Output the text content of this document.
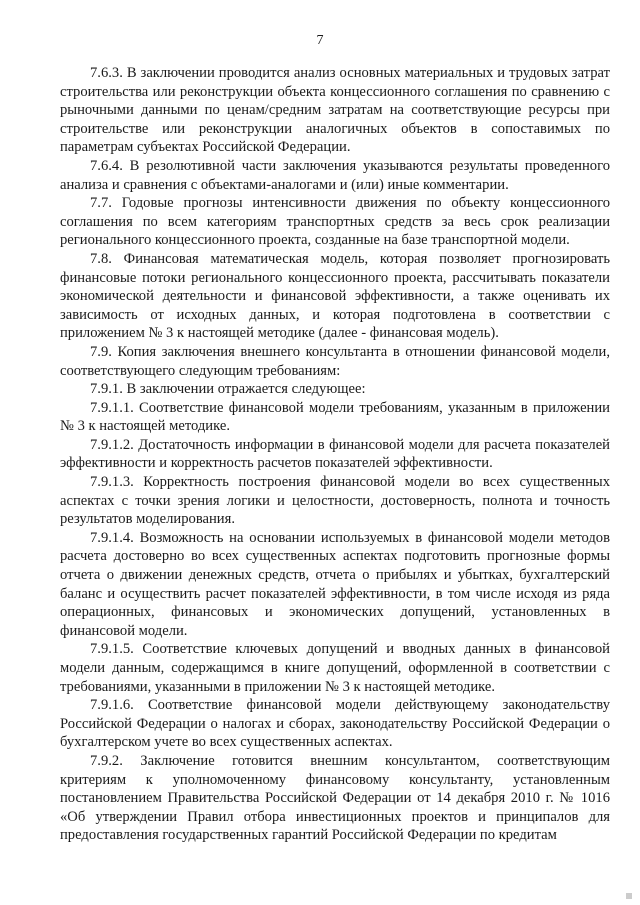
7

7.6.3. В заключении проводится анализ основных материальных и трудовых затрат строительства или реконструкции объекта концессионного соглашения по сравнению с рыночными данными по ценам/средним затратам на соответствующие ресурсы при строительстве или реконструкции аналогичных объектов в сопоставимых по параметрам субъектах Российской Федерации.

7.6.4. В резолютивной части заключения указываются результаты проведенного анализа и сравнения с объектами-аналогами и (или) иные комментарии.

7.7. Годовые прогнозы интенсивности движения по объекту концессионного соглашения по всем категориям транспортных средств за весь срок реализации регионального концессионного проекта, созданные на базе транспортной модели.

7.8. Финансовая математическая модель, которая позволяет прогнозировать финансовые потоки регионального концессионного проекта, рассчитывать показатели экономической деятельности и финансовой эффективности, а также оценивать их зависимость от исходных данных, и которая подготовлена в соответствии с приложением № 3 к настоящей методике (далее - финансовая модель).

7.9. Копия заключения внешнего консультанта в отношении финансовой модели, соответствующего следующим требованиям:

7.9.1. В заключении отражается следующее:

7.9.1.1. Соответствие финансовой модели требованиям, указанным в приложении № 3 к настоящей методике.

7.9.1.2. Достаточность информации в финансовой модели для расчета показателей эффективности и корректность расчетов показателей эффективности.

7.9.1.3. Корректность построения финансовой модели во всех существенных аспектах с точки зрения логики и целостности, достоверность, полнота и точность результатов моделирования.

7.9.1.4. Возможность на основании используемых в финансовой модели методов расчета достоверно во всех существенных аспектах подготовить прогнозные формы отчета о движении денежных средств, отчета о прибылях и убытках, бухгалтерский баланс и осуществить расчет показателей эффективности, в том числе исходя из ряда операционных, финансовых и экономических допущений, установленных в финансовой модели.

7.9.1.5. Соответствие ключевых допущений и вводных данных в финансовой модели данным, содержащимся в книге допущений, оформленной в соответствии с требованиями, указанными в приложении № 3 к настоящей методике.

7.9.1.6. Соответствие финансовой модели действующему законодательству Российской Федерации о налогах и сборах, законодательству Российской Федерации о бухгалтерском учете во всех существенных аспектах.

7.9.2. Заключение готовится внешним консультантом, соответствующим критериям к уполномоченному финансовому консультанту, установленным постановлением Правительства Российской Федерации от 14 декабря 2010 г. № 1016 «Об утверждении Правил отбора инвестиционных проектов и принципалов для предоставления государственных гарантий Российской Федерации по кредитам
